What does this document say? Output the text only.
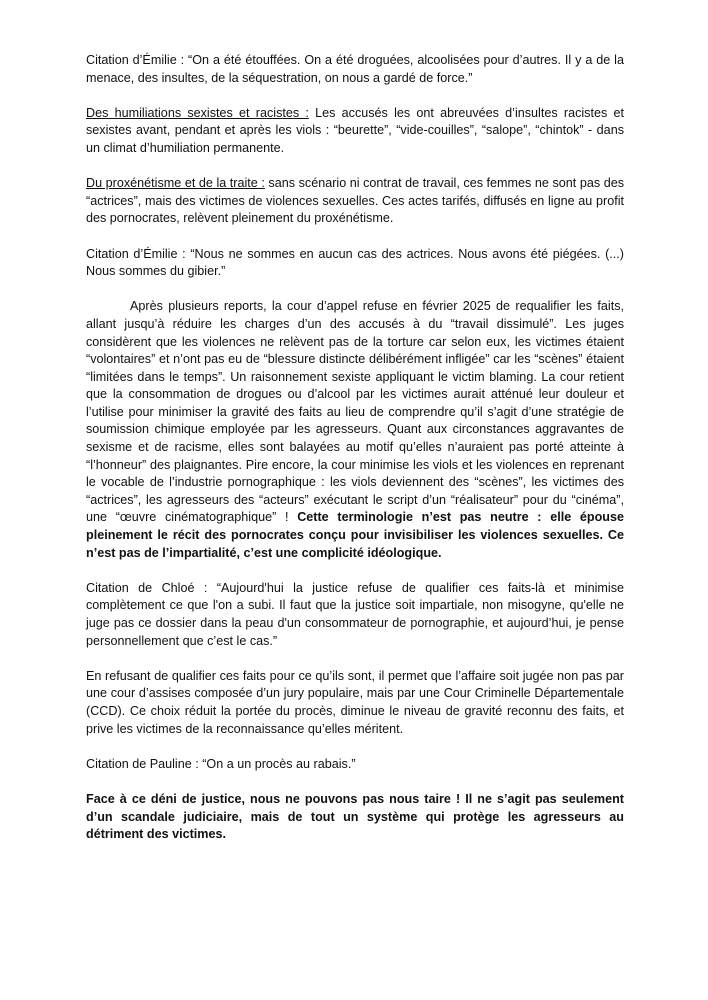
Citation d’Émilie : “On a été étouffées. On a été droguées, alcoolisées pour d’autres. Il y a de la menace, des insultes, de la séquestration, on nous a gardé de force.”

Des humiliations sexistes et racistes : Les accusés les ont abreuvées d’insultes racistes et sexistes avant, pendant et après les viols : “beurette”, “vide-couilles”, “salope”, “chintok” - dans un climat d’humiliation permanente.

Du proxénétisme et de la traite : sans scénario ni contrat de travail, ces femmes ne sont pas des “actrices”, mais des victimes de violences sexuelles. Ces actes tarifés, diffusés en ligne au profit des pornocrates, relèvent pleinement du proxénétisme.

Citation d’Émilie : “Nous ne sommes en aucun cas des actrices. Nous avons été piégées. (...) Nous sommes du gibier.”

Après plusieurs reports, la cour d’appel refuse en février 2025 de requalifier les faits, allant jusqu’à réduire les charges d’un des accusés à du “travail dissimulé”. Les juges considèrent que les violences ne relèvent pas de la torture car selon eux, les victimes étaient “volontaires” et n’ont pas eu de “blessure distincte délibérément infligée” car les “scènes” étaient “limitées dans le temps”. Un raisonnement sexiste appliquant le victim blaming. La cour retient que la consommation de drogues ou d’alcool par les victimes aurait atténué leur douleur et l’utilise pour minimiser la gravité des faits au lieu de comprendre qu’il s’agit d’une stratégie de soumission chimique employée par les agresseurs. Quant aux circonstances aggravantes de sexisme et de racisme, elles sont balayées au motif qu’elles n’auraient pas porté atteinte à “l’honneur” des plaignantes. Pire encore, la cour minimise les viols et les violences en reprenant le vocable de l’industrie pornographique : les viols deviennent des “scènes”, les victimes des “actrices”, les agresseurs des “acteurs” exécutant le script d’un “réalisateur” pour du “cinéma”, une “œuvre cinématographique” ! Cette terminologie n’est pas neutre : elle épouse pleinement le récit des pornocrates conçu pour invisibiliser les violences sexuelles. Ce n’est pas de l’impartialité, c’est une complicité idéologique.

Citation de Chloé : “Aujourd'hui la justice refuse de qualifier ces faits-là et minimise complètement ce que l'on a subi. Il faut que la justice soit impartiale, non misogyne, qu'elle ne juge pas ce dossier dans la peau d'un consommateur de pornographie, et aujourd’hui, je pense personnellement que c’est le cas.”

En refusant de qualifier ces faits pour ce qu’ils sont, il permet que l’affaire soit jugée non pas par une cour d’assises composée d’un jury populaire, mais par une Cour Criminelle Départementale (CCD). Ce choix réduit la portée du procès, diminue le niveau de gravité reconnu des faits, et prive les victimes de la reconnaissance qu’elles méritent.

Citation de Pauline : “On a un procès au rabais.”

Face à ce déni de justice, nous ne pouvons pas nous taire ! Il ne s’agit pas seulement d’un scandale judiciaire, mais de tout un système qui protège les agresseurs au détriment des victimes.
